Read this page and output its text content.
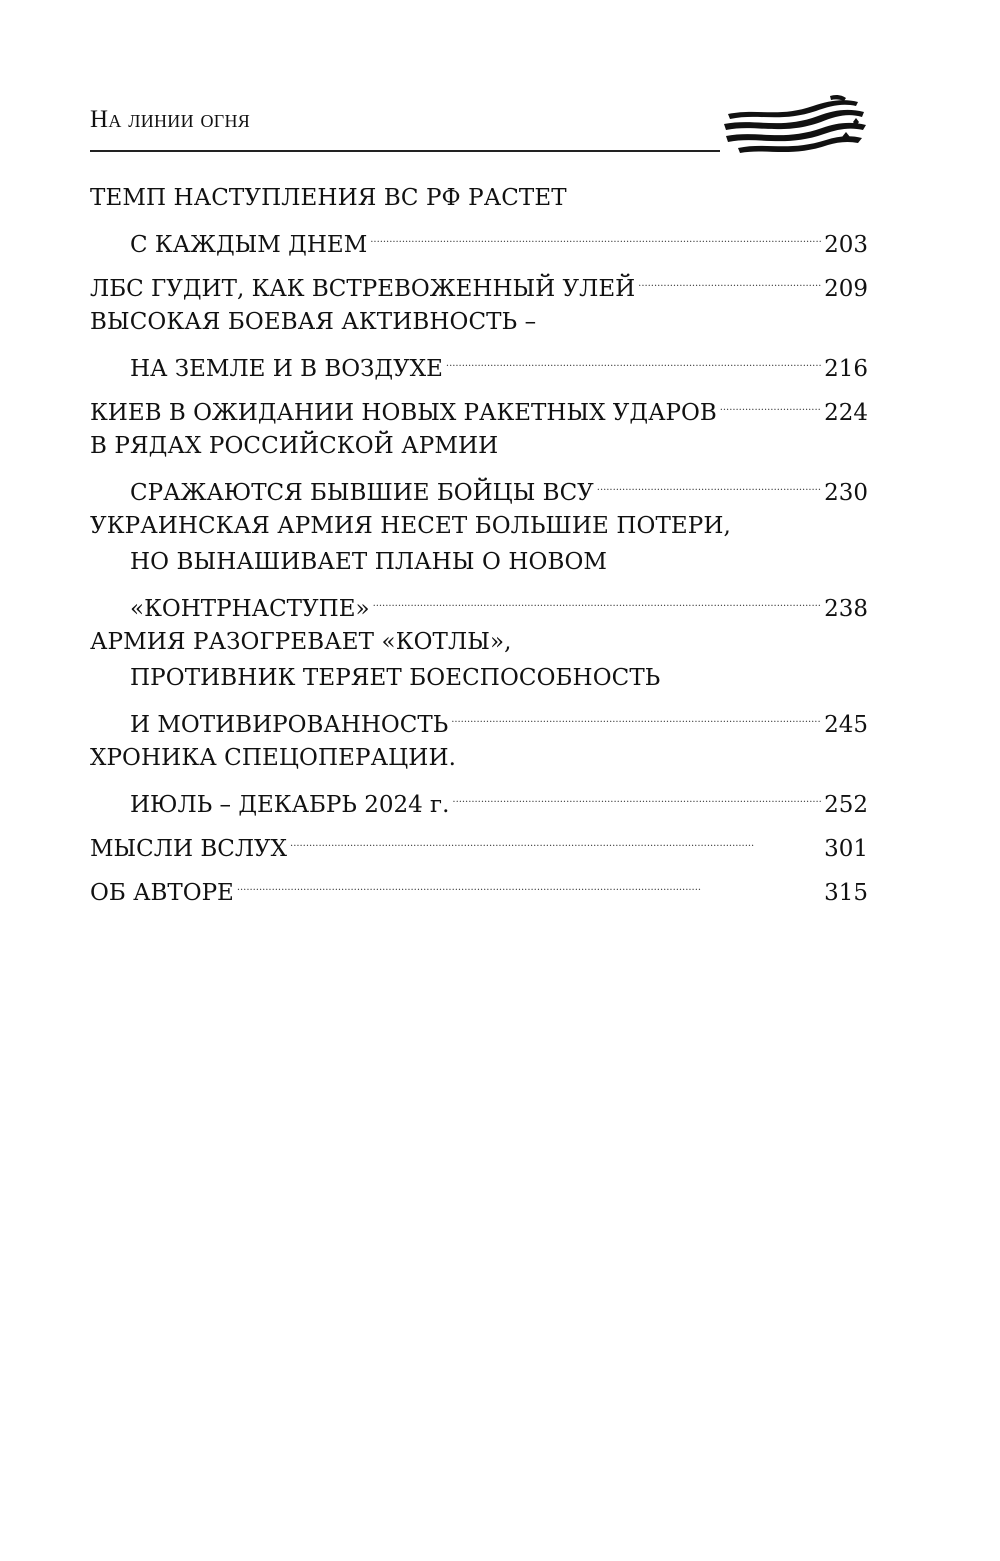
На линии огня
ТЕМП НАСТУПЛЕНИЯ ВС РФ РАСТЕТ
С КАЖДЫМ ДНЕМ . . .	203
ЛБС ГУДИТ, КАК ВСТРЕВОЖЕННЫЙ УЛЕЙ . . .	209
ВЫСОКАЯ БОЕВАЯ АКТИВНОСТЬ –
НА ЗЕМЛЕ И В ВОЗДУХЕ . . .	216
КИЕВ В ОЖИДАНИИ НОВЫХ РАКЕТНЫХ УДАРОВ . . .	224
В РЯДАХ РОССИЙСКОЙ АРМИИ
СРАЖАЮТСЯ БЫВШИЕ БОЙЦЫ ВСУ . . .	230
УКРАИНСКАЯ АРМИЯ НЕСЕТ БОЛЬШИЕ ПОТЕРИ,
НО ВЫНАШИВАЕТ ПЛАНЫ О НОВОМ
«КОНТРНАСТУПЕ» . . .	238
АРМИЯ РАЗОГРЕВАЕТ «КОТЛЫ»,
ПРОТИВНИК ТЕРЯЕТ БОЕСПОСОБНОСТЬ
И МОТИВИРОВАННОСТЬ . . .	245
ХРОНИКА СПЕЦОПЕРАЦИИ.
ИЮЛЬ – ДЕКАБРЬ 2024 г. . . .	252
МЫСЛИ ВСЛУХ . . .	301
ОБ АВТОРЕ . . .	315
